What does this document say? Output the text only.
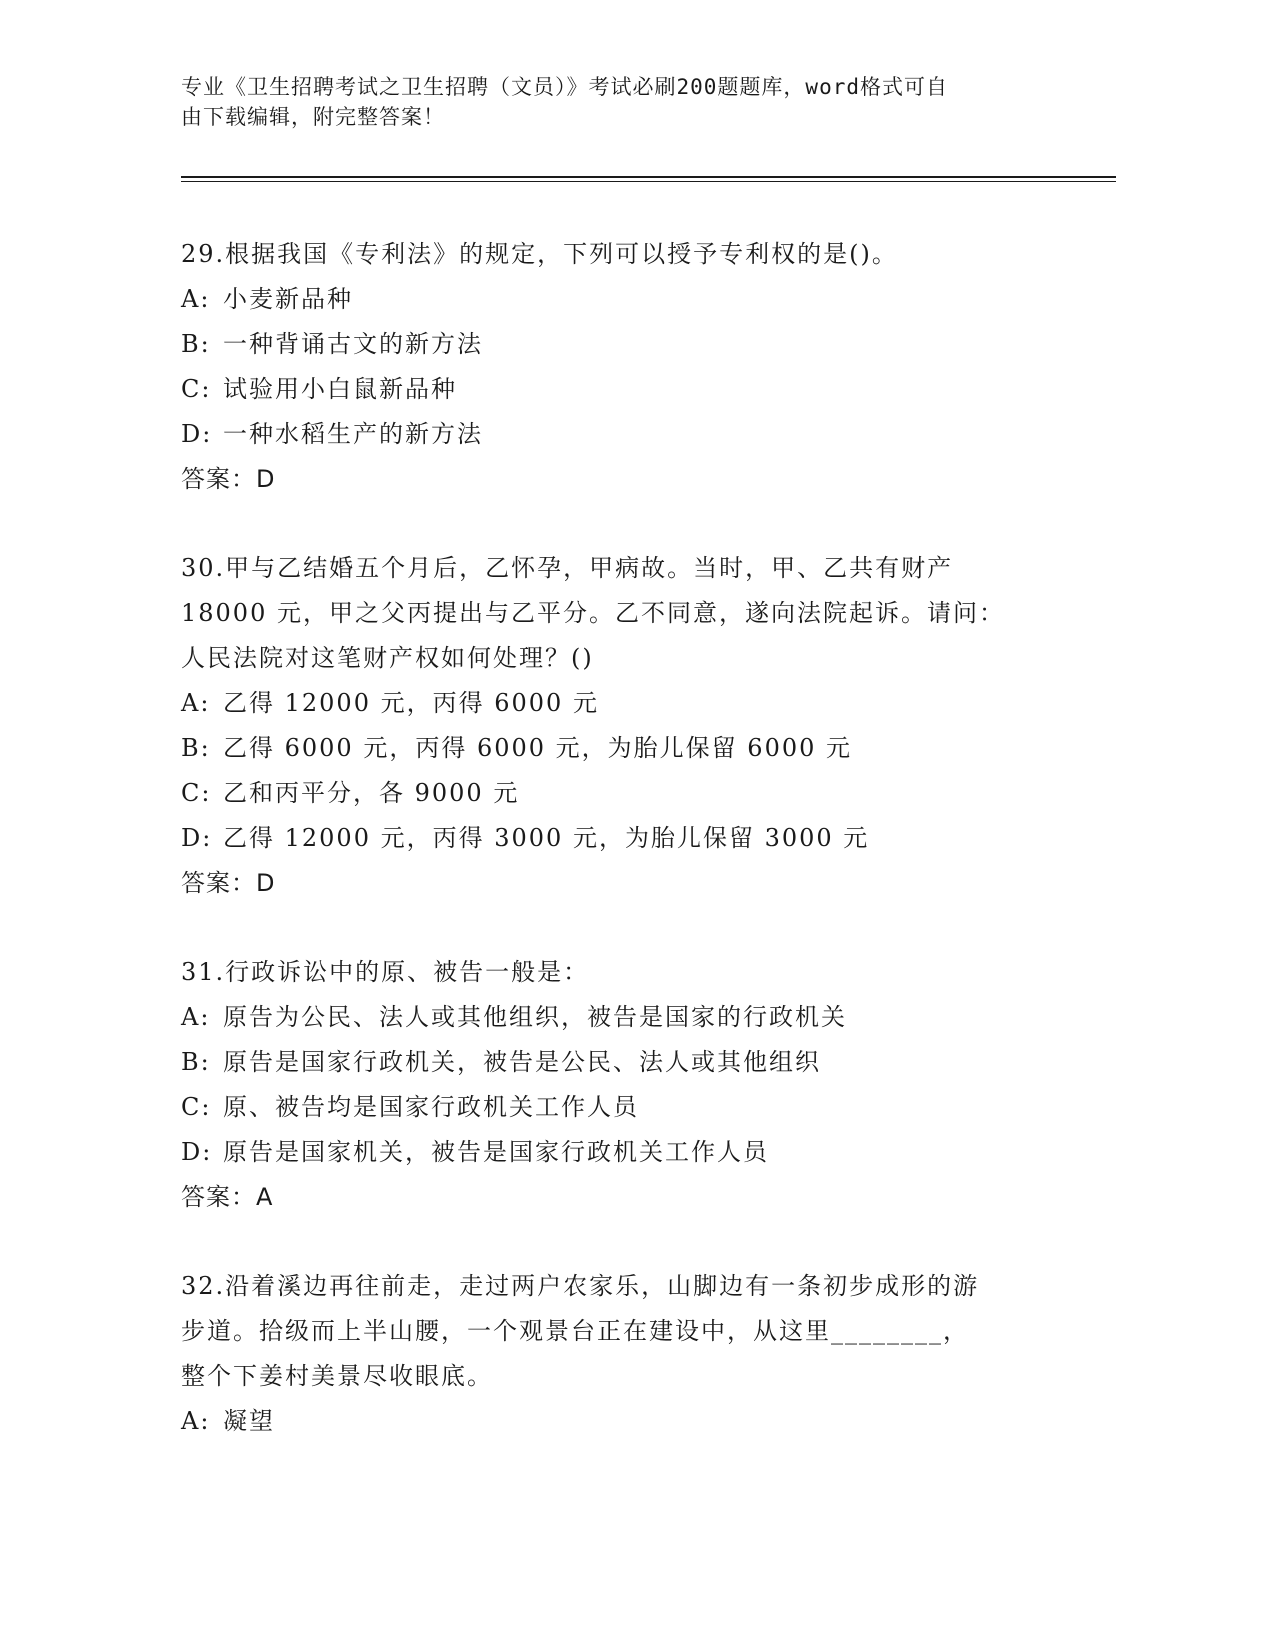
专业《卫生招聘考试之卫生招聘（文员）》考试必刷200题题库，word格式可自
由下载编辑，附完整答案！
29.根据我国《专利法》的规定，下列可以授予专利权的是()。
A: 小麦新品种
B: 一种背诵古文的新方法
C: 试验用小白鼠新品种
D: 一种水稻生产的新方法
答案：D
30.甲与乙结婚五个月后，乙怀孕，甲病故。当时，甲、乙共有财产
18000 元，甲之父丙提出与乙平分。乙不同意，遂向法院起诉。请问：
人民法院对这笔财产权如何处理？()
A: 乙得 12000 元，丙得 6000 元
B: 乙得 6000 元，丙得 6000 元，为胎儿保留 6000 元
C: 乙和丙平分，各 9000 元
D: 乙得 12000 元，丙得 3000 元，为胎儿保留 3000 元
答案：D
31.行政诉讼中的原、被告一般是：
A: 原告为公民、法人或其他组织，被告是国家的行政机关
B: 原告是国家行政机关，被告是公民、法人或其他组织
C: 原、被告均是国家行政机关工作人员
D: 原告是国家机关，被告是国家行政机关工作人员
答案：A
32.沿着溪边再往前走，走过两户农家乐，山脚边有一条初步成形的游
步道。拾级而上半山腰，一个观景台正在建设中，从这里________，
整个下姜村美景尽收眼底。
A: 凝望
